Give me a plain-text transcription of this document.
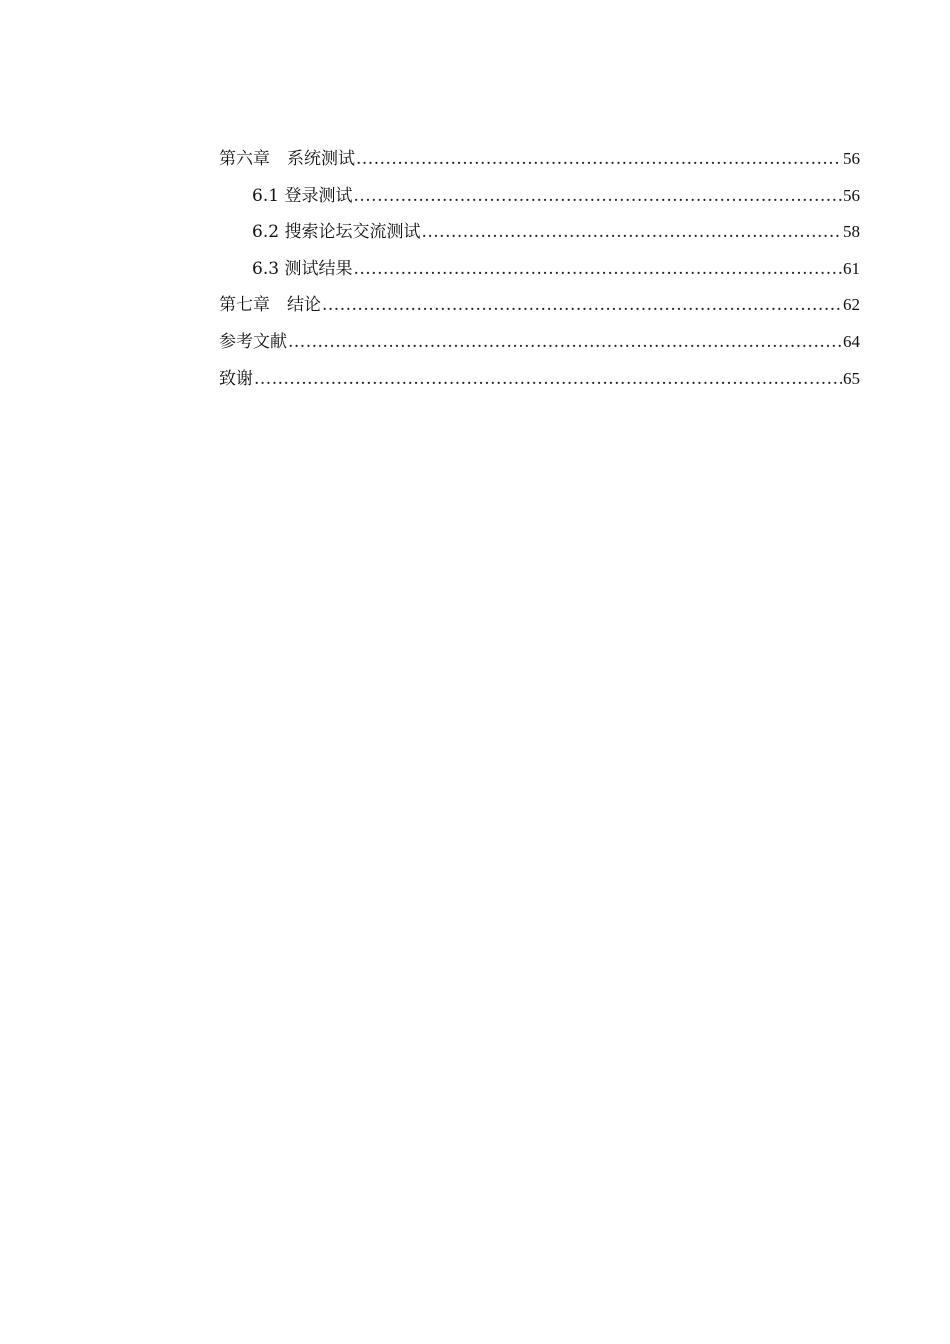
第六章　系统测试 .....	56
6.1 登录测试 .....	56
6.2 搜索论坛交流测试 .....	58
6.3 测试结果 .....	61
第七章　结论 .....	62
参考文献 .....	64
致谢 .....	65
